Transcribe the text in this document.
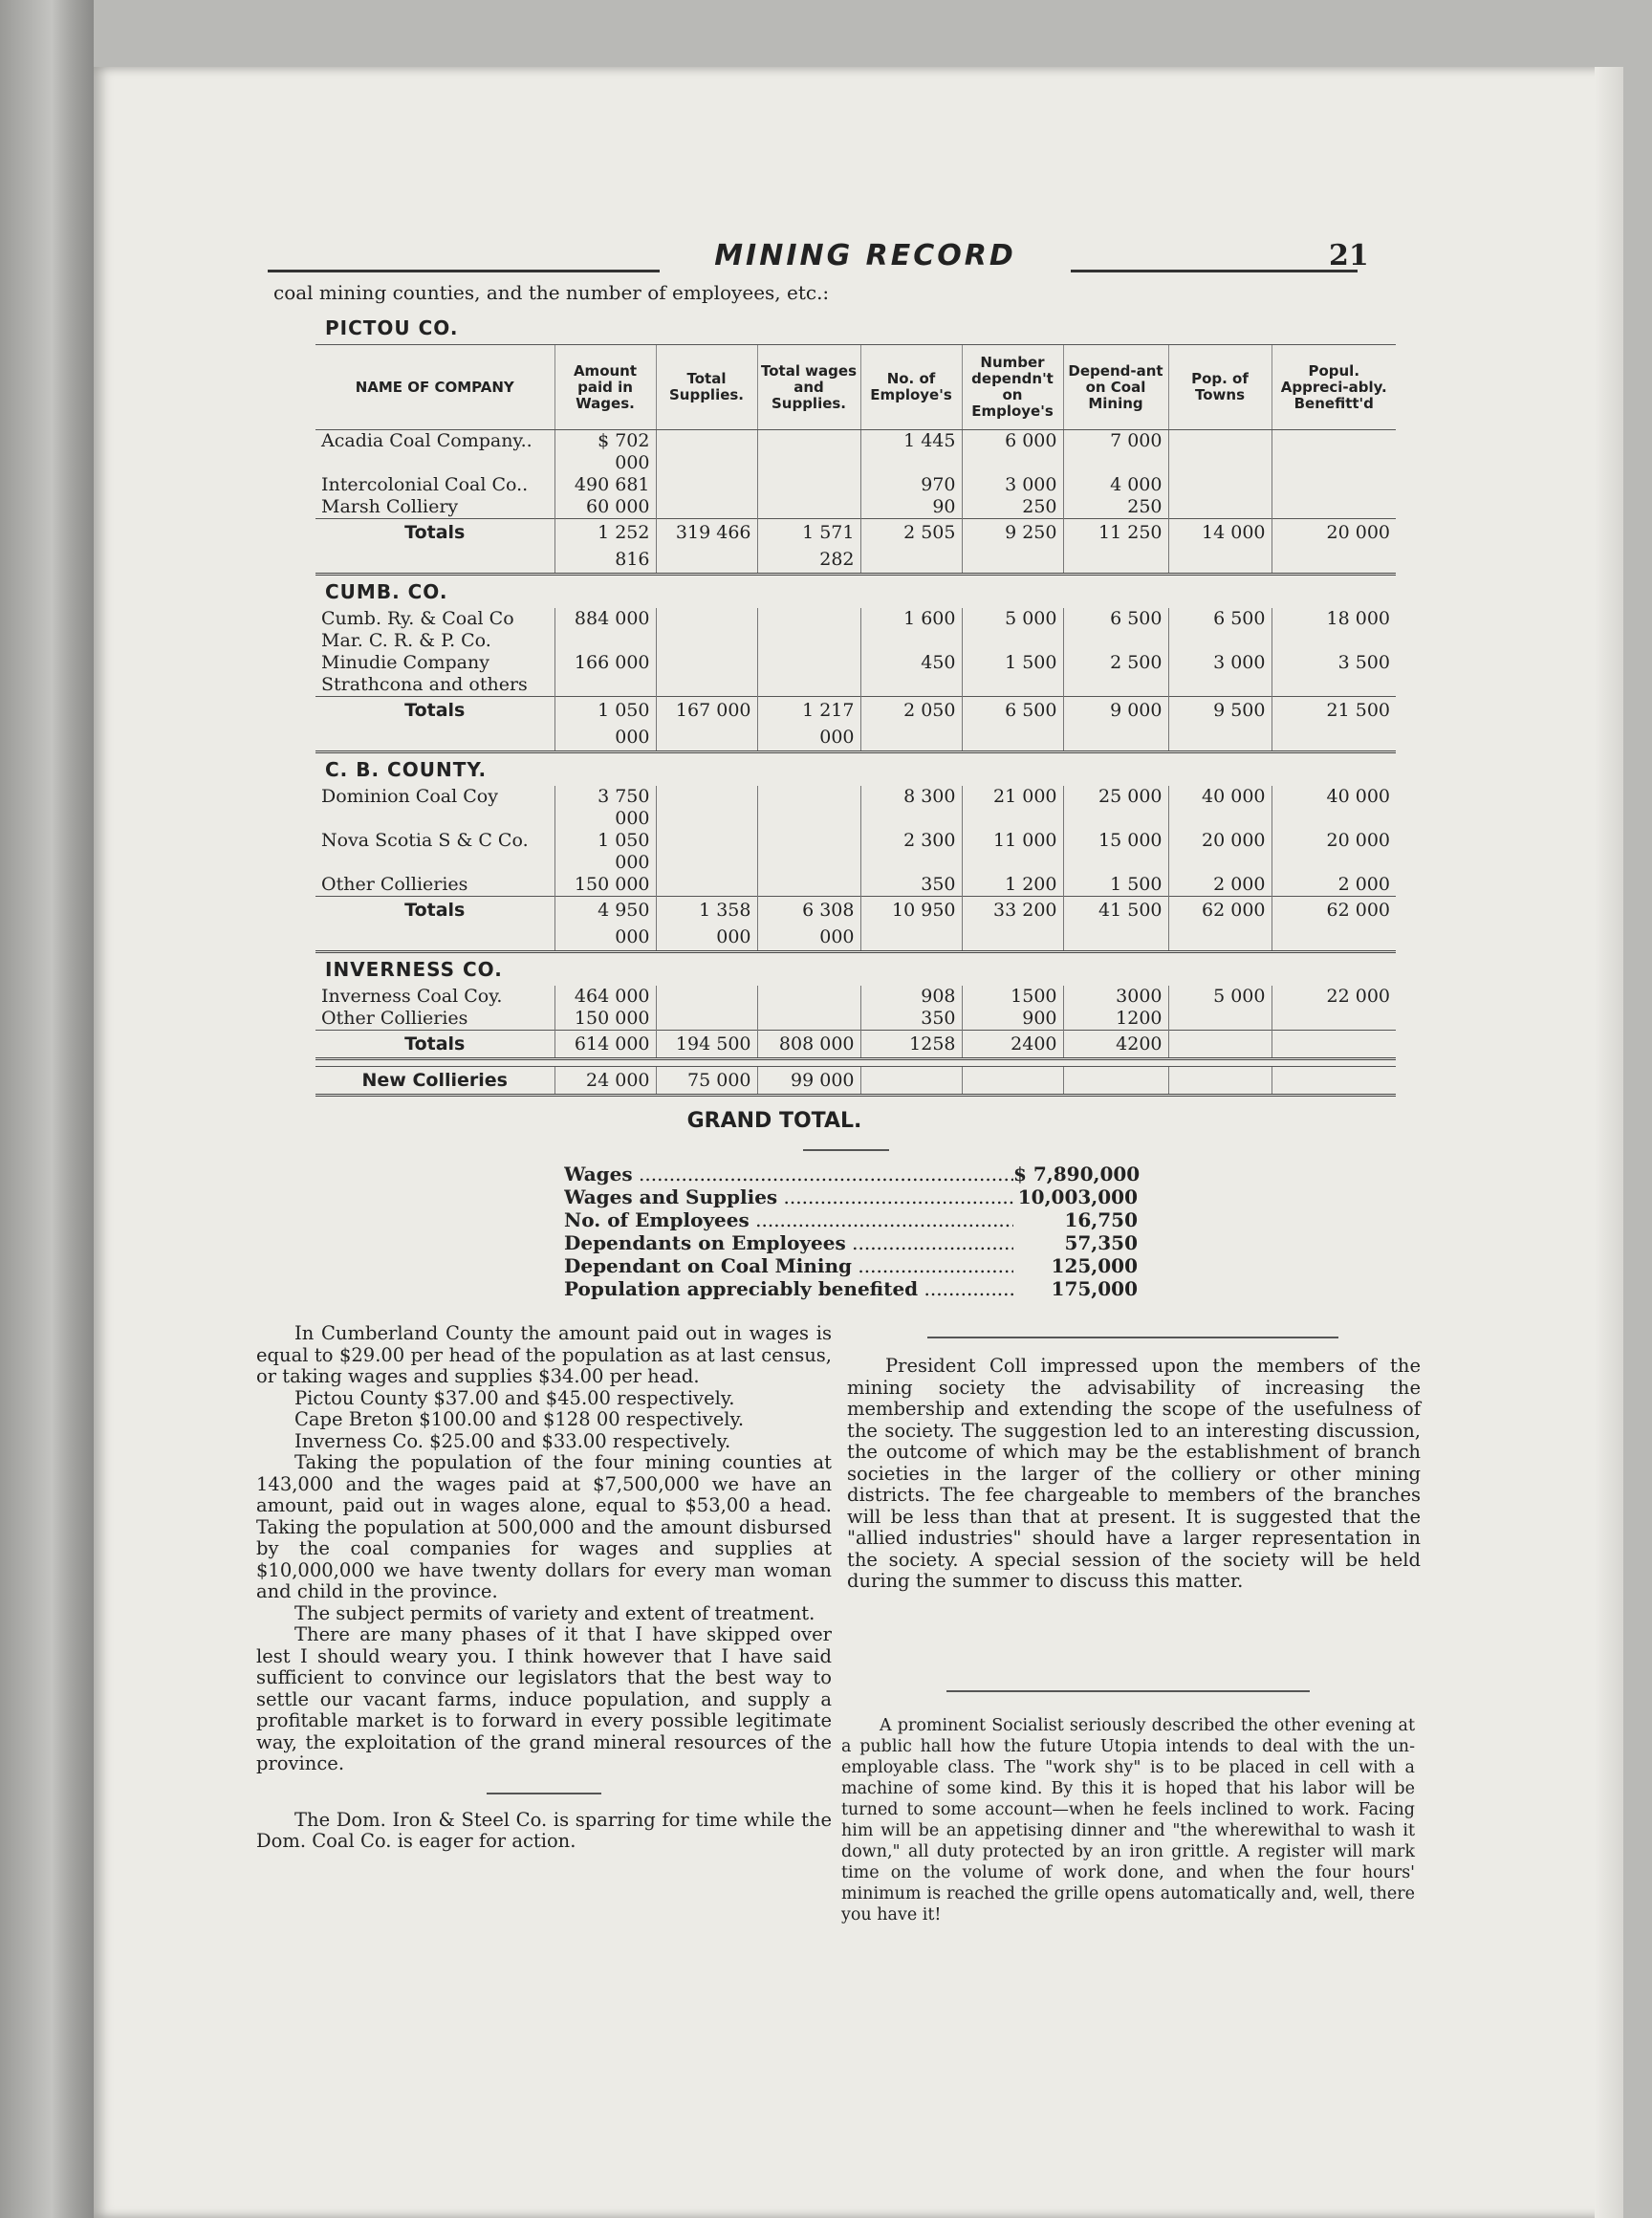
MINING RECORD	21
coal mining counties, and the number of employees, etc.:
PICTOU CO.
NAME OF COMPANY	Amount paid in Wages.	Total Supplies.	Total wages and Supplies.	No. of Employe's	Number dependn't on Employe's	Depend-ant on Coal Mining	Pop. of Towns	Popul. Appreci-ably. Benefitt'd
Acadia Coal Company..	$ 702 000			1 445	6 000	7 000		
Intercolonial Coal Co..	490 681			970	3 000	4 000		
Marsh Colliery	60 000			90	250	250		
Totals	1 252 816	319 466	1 571 282	2 505	9 250	11 250	14 000	20 000
CUMB. CO.								
Cumb. Ry. & Coal Co	884 000			1 600	5 000	6 500	6 500	18 000
Mar. C. R. & P. Co.								
Minudie Company	166 000			450	1 500	2 500	3 000	3 500
Strathcona and others								
Totals	1 050 000	167 000	1 217 000	2 050	6 500	9 000	9 500	21 500
C. B. COUNTY.								
Dominion Coal Coy	3 750 000			8 300	21 000	25 000	40 000	40 000
Nova Scotia S & C Co.	1 050 000			2 300	11 000	15 000	20 000	20 000
Other Collieries	150 000			350	1 200	1 500	2 000	2 000
Totals	4 950 000	1 358 000	6 308 000	10 950	33 200	41 500	62 000	62 000
INVERNESS CO.								
Inverness Coal Coy.	464 000			908	1500	3000	5 000	22 000
Other Collieries	150 000			350	900	1200		
Totals	614 000	194 500	808 000	1258	2400	4200		

New Collieries	24 000	75 000	99 000					
GRAND TOTAL.
Wages .....	$ 7,890,000
Wages and Supplies .....	10,003,000
No. of Employees .....	16,750
Dependants on Employees .....	57,350
Dependant on Coal Mining .....	125,000
Population appreciably benefited .....	175,000

In Cumberland County the amount paid out in wages is equal to $29.00 per head of the population as at last census, or taking wages and supplies $34.00 per head.

Pictou County $37.00 and $45.00 respectively.

Cape Breton $100.00 and $128 00 respectively.

Inverness Co. $25.00 and $33.00 respectively.

Taking the population of the four mining counties at 143,000 and the wages paid at $7,500,000 we have an amount, paid out in wages alone, equal to $53,00 a head. Taking the population at 500,000 and the amount disbursed by the coal companies for wages and supplies at $10,000,000 we have twenty dollars for every man woman and child in the province.

The subject permits of variety and extent of treatment.

There are many phases of it that I have skipped over lest I should weary you. I think however that I have said sufficient to convince our legislators that the best way to settle our vacant farms, induce population, and supply a profitable market is to forward in every possible legitimate way, the exploitation of the grand mineral resources of the province.

The Dom. Iron & Steel Co. is sparring for time while the Dom. Coal Co. is eager for action.

President Coll impressed upon the members of the mining society the advisability of increasing the membership and extending the scope of the usefulness of the society. The suggestion led to an interesting discussion, the outcome of which may be the establishment of branch societies in the larger of the colliery or other mining districts. The fee chargeable to members of the branches will be less than that at present. It is suggested that the "allied industries" should have a larger representation in the society. A special session of the society will be held during the summer to discuss this matter.

A prominent Socialist seriously described the other evening at a public hall how the future Utopia intends to deal with the un-employable class. The "work shy" is to be placed in cell with a machine of some kind. By this it is hoped that his labor will be turned to some account—when he feels inclined to work. Facing him will be an appetising dinner and "the wherewithal to wash it down," all duty protected by an iron grittle. A register will mark time on the volume of work done, and when the four hours' minimum is reached the grille opens automatically and, well, there you have it!
